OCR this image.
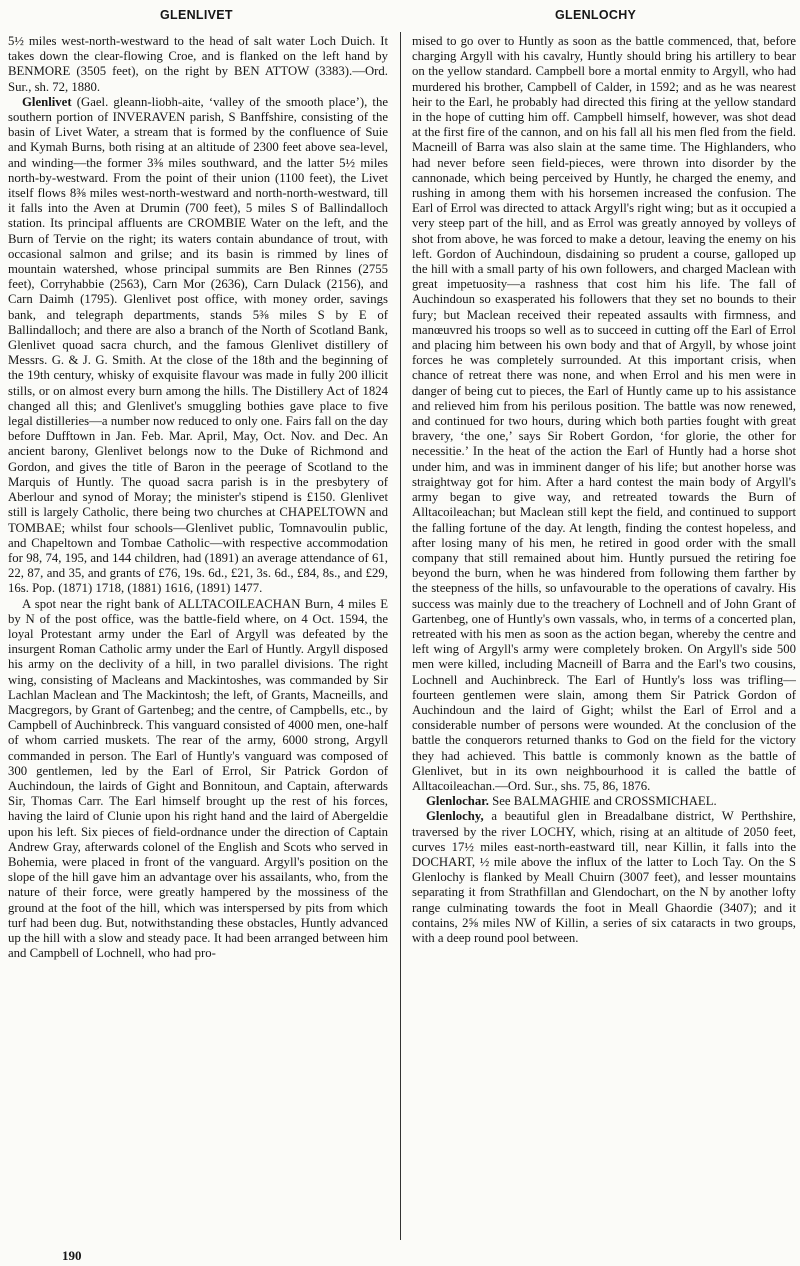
GLENLIVET	GLENLOCHY

5½ miles west-north-westward to the head of salt water Loch Duich. It takes down the clear-flowing Croe, and is flanked on the left hand by BENMORE (3505 feet), on the right by BEN ATTOW (3383).—Ord. Sur., sh. 72, 1880.

Glenlivet (Gael. gleann-liobh-aite, ‘valley of the smooth place’), the southern portion of INVERAVEN parish, S Banffshire, consisting of the basin of Livet Water, a stream that is formed by the confluence of Suie and Kymah Burns, both rising at an altitude of 2300 feet above sea-level, and winding—the former 3⅜ miles southward, and the latter 5½ miles north-by-westward. From the point of their union (1100 feet), the Livet itself flows 8⅜ miles west-north-westward and north-north-westward, till it falls into the Aven at Drumin (700 feet), 5 miles S of Ballindalloch station. Its principal affluents are CROMBIE Water on the left, and the Burn of Tervie on the right; its waters contain abundance of trout, with occasional salmon and grilse; and its basin is rimmed by lines of mountain watershed, whose principal summits are Ben Rinnes (2755 feet), Corryhabbie (2563), Carn Mor (2636), Carn Dulack (2156), and Carn Daimh (1795). Glenlivet post office, with money order, savings bank, and telegraph departments, stands 5⅜ miles S by E of Ballindalloch; and there are also a branch of the North of Scotland Bank, Glenlivet quoad sacra church, and the famous Glenlivet distillery of Messrs. G. & J. G. Smith. At the close of the 18th and the beginning of the 19th century, whisky of exquisite flavour was made in fully 200 illicit stills, or on almost every burn among the hills. The Distillery Act of 1824 changed all this; and Glenlivet's smuggling bothies gave place to five legal distilleries—a number now reduced to only one. Fairs fall on the day before Dufftown in Jan. Feb. Mar. April, May, Oct. Nov. and Dec. An ancient barony, Glenlivet belongs now to the Duke of Richmond and Gordon, and gives the title of Baron in the peerage of Scotland to the Marquis of Huntly. The quoad sacra parish is in the presbytery of Aberlour and synod of Moray; the minister's stipend is £150. Glenlivet still is largely Catholic, there being two churches at CHAPELTOWN and TOMBAE; whilst four schools—Glenlivet public, Tomnavoulin public, and Chapeltown and Tombae Catholic—with respective accommodation for 98, 74, 195, and 144 children, had (1891) an average attendance of 61, 22, 87, and 35, and grants of £76, 19s. 6d., £21, 3s. 6d., £84, 8s., and £29, 16s. Pop. (1871) 1718, (1881) 1616, (1891) 1477.

A spot near the right bank of ALLTACOILEACHAN Burn, 4 miles E by N of the post office, was the battle-field where, on 4 Oct. 1594, the loyal Protestant army under the Earl of Argyll was defeated by the insurgent Roman Catholic army under the Earl of Huntly. Argyll disposed his army on the declivity of a hill, in two parallel divisions. The right wing, consisting of Macleans and Mackintoshes, was commanded by Sir Lachlan Maclean and The Mackintosh; the left, of Grants, Macneills, and Macgregors, by Grant of Gartenbeg; and the centre, of Campbells, etc., by Campbell of Auchinbreck. This vanguard consisted of 4000 men, one-half of whom carried muskets. The rear of the army, 6000 strong, Argyll commanded in person. The Earl of Huntly's vanguard was composed of 300 gentlemen, led by the Earl of Errol, Sir Patrick Gordon of Auchindoun, the lairds of Gight and Bonnitoun, and Captain, afterwards Sir, Thomas Carr. The Earl himself brought up the rest of his forces, having the laird of Clunie upon his right hand and the laird of Abergeldie upon his left. Six pieces of field-ordnance under the direction of Captain Andrew Gray, afterwards colonel of the English and Scots who served in Bohemia, were placed in front of the vanguard. Argyll's position on the slope of the hill gave him an advantage over his assailants, who, from the nature of their force, were greatly hampered by the mossiness of the ground at the foot of the hill, which was interspersed by pits from which turf had been dug. But, notwithstanding these obstacles, Huntly advanced up the hill with a slow and steady pace. It had been arranged between him and Campbell of Lochnell, who had pro-

mised to go over to Huntly as soon as the battle commenced, that, before charging Argyll with his cavalry, Huntly should bring his artillery to bear on the yellow standard. Campbell bore a mortal enmity to Argyll, who had murdered his brother, Campbell of Calder, in 1592; and as he was nearest heir to the Earl, he probably had directed this firing at the yellow standard in the hope of cutting him off. Campbell himself, however, was shot dead at the first fire of the cannon, and on his fall all his men fled from the field. Macneill of Barra was also slain at the same time. The Highlanders, who had never before seen field-pieces, were thrown into disorder by the cannonade, which being perceived by Huntly, he charged the enemy, and rushing in among them with his horsemen increased the confusion. The Earl of Errol was directed to attack Argyll's right wing; but as it occupied a very steep part of the hill, and as Errol was greatly annoyed by volleys of shot from above, he was forced to make a detour, leaving the enemy on his left. Gordon of Auchindoun, disdaining so prudent a course, galloped up the hill with a small party of his own followers, and charged Maclean with great impetuosity—a rashness that cost him his life. The fall of Auchindoun so exasperated his followers that they set no bounds to their fury; but Maclean received their repeated assaults with firmness, and manœuvred his troops so well as to succeed in cutting off the Earl of Errol and placing him between his own body and that of Argyll, by whose joint forces he was completely surrounded. At this important crisis, when chance of retreat there was none, and when Errol and his men were in danger of being cut to pieces, the Earl of Huntly came up to his assistance and relieved him from his perilous position. The battle was now renewed, and continued for two hours, during which both parties fought with great bravery, ‘the one,’ says Sir Robert Gordon, ‘for glorie, the other for necessitie.’ In the heat of the action the Earl of Huntly had a horse shot under him, and was in imminent danger of his life; but another horse was straightway got for him. After a hard contest the main body of Argyll's army began to give way, and retreated towards the Burn of Alltacoileachan; but Maclean still kept the field, and continued to support the falling fortune of the day. At length, finding the contest hopeless, and after losing many of his men, he retired in good order with the small company that still remained about him. Huntly pursued the retiring foe beyond the burn, when he was hindered from following them farther by the steepness of the hills, so unfavourable to the operations of cavalry. His success was mainly due to the treachery of Lochnell and of John Grant of Gartenbeg, one of Huntly's own vassals, who, in terms of a concerted plan, retreated with his men as soon as the action began, whereby the centre and left wing of Argyll's army were completely broken. On Argyll's side 500 men were killed, including Macneill of Barra and the Earl's two cousins, Lochnell and Auchinbreck. The Earl of Huntly's loss was trifling—fourteen gentlemen were slain, among them Sir Patrick Gordon of Auchindoun and the laird of Gight; whilst the Earl of Errol and a considerable number of persons were wounded. At the conclusion of the battle the conquerors returned thanks to God on the field for the victory they had achieved. This battle is commonly known as the battle of Glenlivet, but in its own neighbourhood it is called the battle of Alltacoileachan.—Ord. Sur., shs. 75, 86, 1876.

Glenlochar. See BALMAGHIE and CROSSMICHAEL.

Glenlochy, a beautiful glen in Breadalbane district, W Perthshire, traversed by the river LOCHY, which, rising at an altitude of 2050 feet, curves 17½ miles east-north-eastward till, near Killin, it falls into the DOCHART, ½ mile above the influx of the latter to Loch Tay. On the S Glenlochy is flanked by Meall Chuirn (3007 feet), and lesser mountains separating it from Strathfillan and Glendochart, on the N by another lofty range culminating towards the foot in Meall Ghaordie (3407); and it contains, 2⅝ miles NW of Killin, a series of six cataracts in two groups, with a deep round pool between.

190
